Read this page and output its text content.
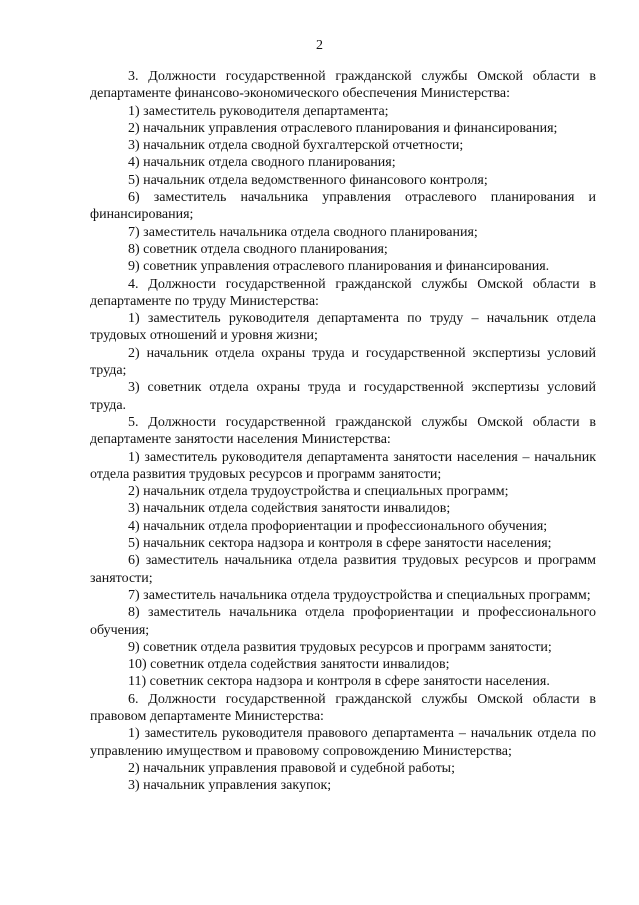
2

3. Должности государственной гражданской службы Омской области в департаменте финансово-экономического обеспечения Министерства:

1) заместитель руководителя департамента;

2) начальник управления отраслевого планирования и финансирования;

3) начальник отдела сводной бухгалтерской отчетности;

4) начальник отдела сводного планирования;

5) начальник отдела ведомственного финансового контроля;

6) заместитель начальника управления отраслевого планирования и финансирования;

7) заместитель начальника отдела сводного планирования;

8) советник отдела сводного планирования;

9) советник управления отраслевого планирования и финансирования.

4. Должности государственной гражданской службы Омской области в департаменте по труду Министерства:

1) заместитель руководителя департамента по труду – начальник отдела трудовых отношений и уровня жизни;

2) начальник отдела охраны труда и государственной экспертизы условий труда;

3) советник отдела охраны труда и государственной экспертизы условий труда.

5. Должности государственной гражданской службы Омской области в департаменте занятости населения Министерства:

1) заместитель руководителя департамента занятости населения – начальник отдела развития трудовых ресурсов и программ занятости;

2) начальник отдела трудоустройства и специальных программ;

3) начальник отдела содействия занятости инвалидов;

4) начальник отдела профориентации и профессионального обучения;

5) начальник сектора надзора и контроля в сфере занятости населения;

6) заместитель начальника отдела развития трудовых ресурсов и программ занятости;

7) заместитель начальника отдела трудоустройства и специальных программ;

8) заместитель начальника отдела профориентации и профессионального обучения;

9) советник отдела развития трудовых ресурсов и программ занятости;

10) советник отдела содействия занятости инвалидов;

11) советник сектора надзора и контроля в сфере занятости населения.

6. Должности государственной гражданской службы Омской области в правовом департаменте Министерства:

1) заместитель руководителя правового департамента – начальник отдела по управлению имуществом и правовому сопровождению Министерства;

2) начальник управления правовой и судебной работы;

3) начальник управления закупок;
